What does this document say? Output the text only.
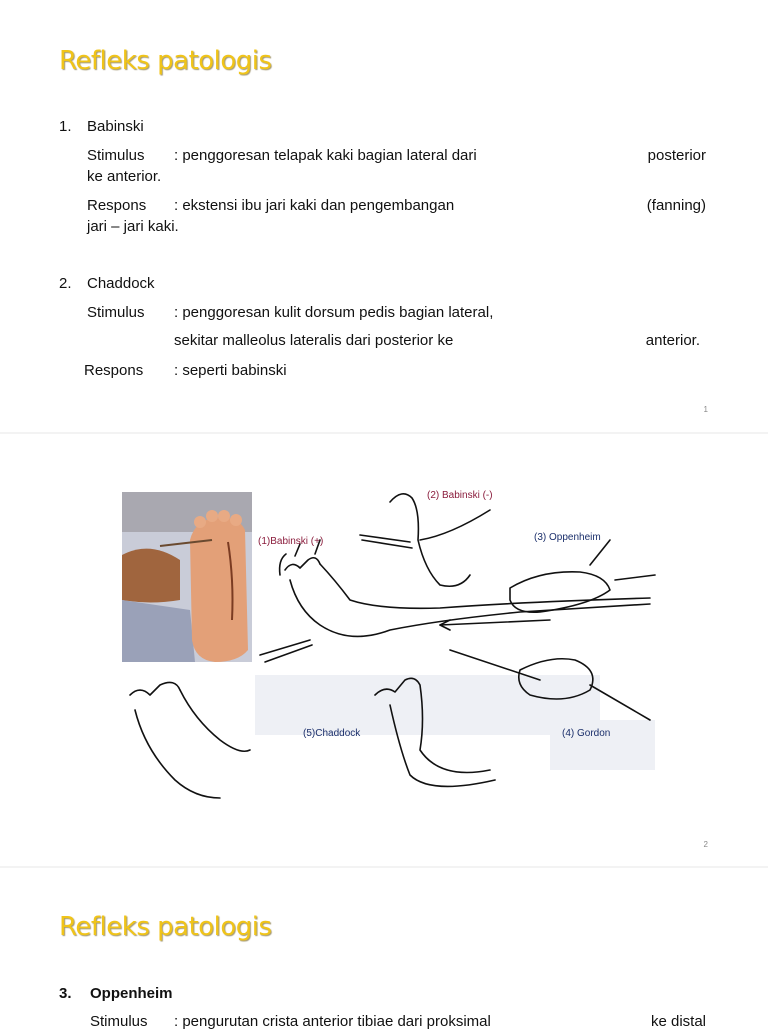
Refleks patologis
1. Babinski
Stimulus : penggoresan telapak kaki bagian lateral dari	posterior
ke anterior.
Respons : ekstensi ibu jari kaki dan pengembangan	(fanning)
jari – jari kaki.
2. Chaddock
Stimulus : penggoresan kulit dorsum pedis bagian lateral,
sekitar malleolus lateralis dari posterior ke	anterior.
Respons : seperti babinski
1
2
(1)Babinski (+)
(2) Babinski (-)
(3) Oppenheim
(4) Gordon
(5)Chaddock
Refleks patologis
3. Oppenheim
Stimulus : pengurutan crista anterior tibiae dari proksimal	ke distal
